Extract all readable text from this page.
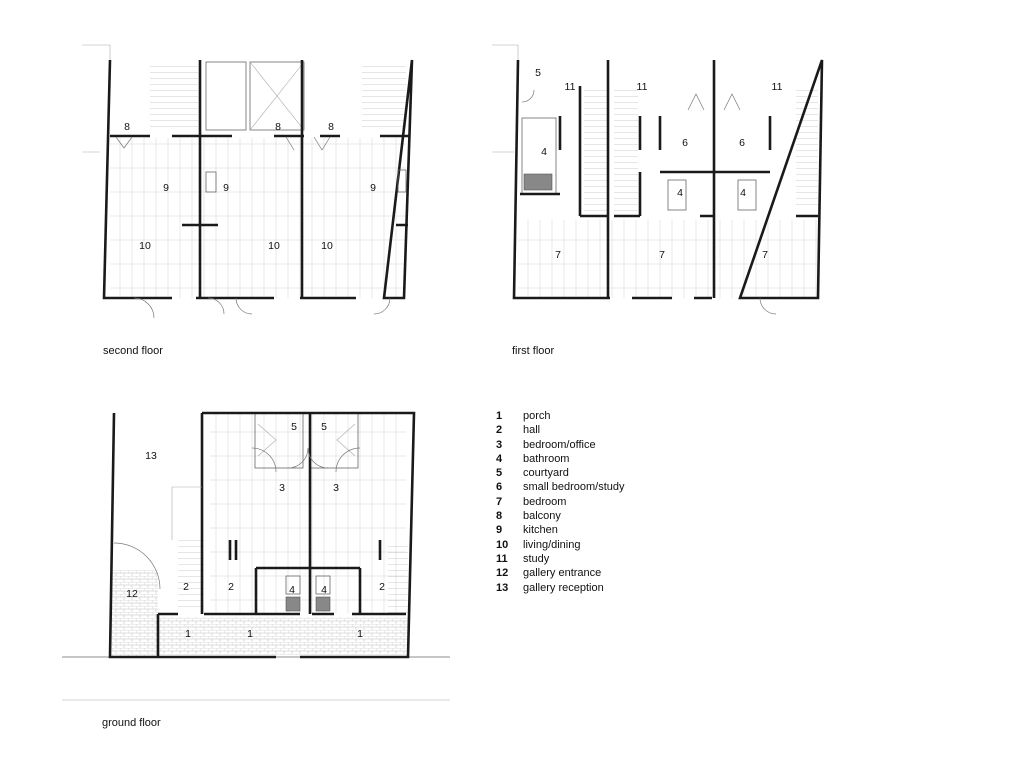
8	8	8
9	9	9
10	10	10
5
11	11	11
4
6	6
4	4
7	7	7
13
5 5
3	3
12
2	2	2
4 4
1	1	1
second floor	first floor
ground floor
1	porch
2	hall
3	bedroom/office
4	bathroom
5	courtyard
6	small bedroom/study
7	bedroom
8	balcony
9	kitchen
10	living/dining
11	study
12	gallery entrance
13	gallery reception
